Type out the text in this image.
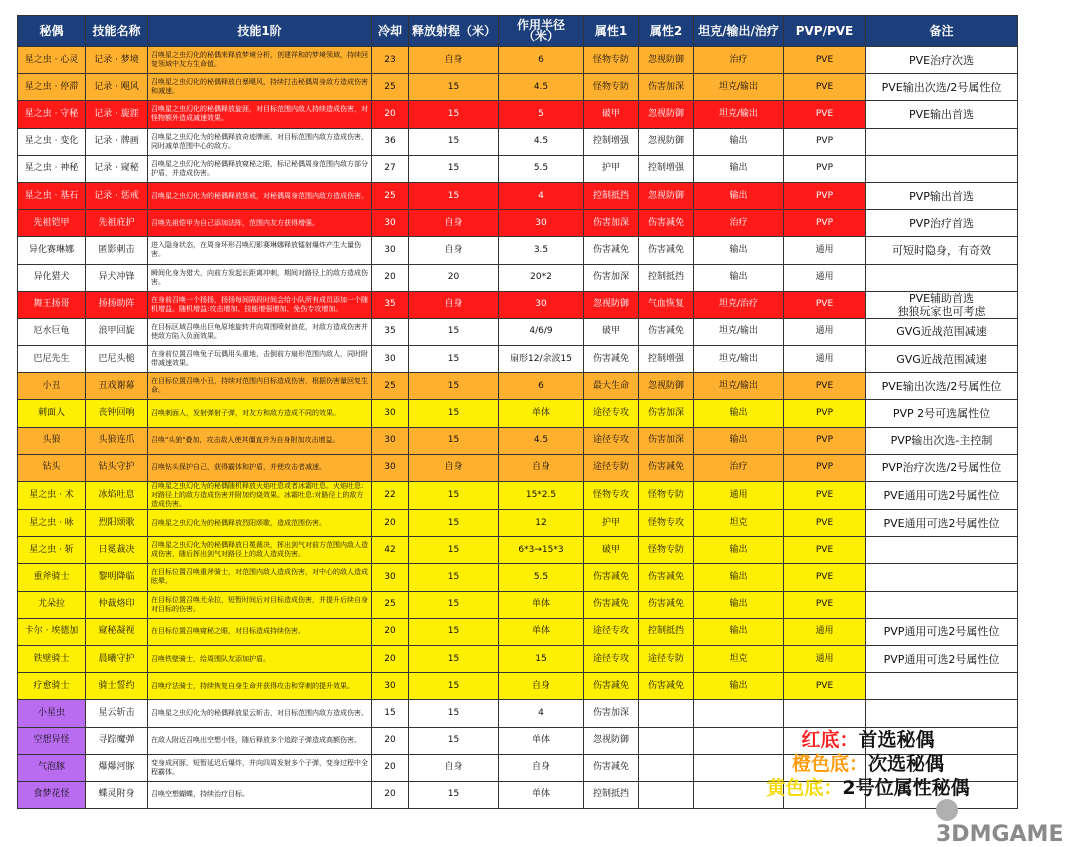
秘偶	技能名称	技能1阶	冷却	释放射程（米）	作用半径（米）	属性1	属性2	坦克/输出/治疗	PVP/PVE	备注
星之虫 · 心灵	记录 · 梦境	召唤星之虫幻化的秘偶来释放梦境分析，创建祥和的梦境领域，持续回复领域中友方生命值。	23	自身	6	怪物专防	忽视防御	治疗	PVE	PVE治疗次选
星之虫 · 停滞	记录 · 飓风	召唤星之虫幻化的秘偶释放白暴飓风，持续打击秘偶周身敌方造成伤害和减速。	25	15	4.5	怪物专防	伤害加深	坦克/输出	PVE	PVE输出次选/2号属性位
星之虫 · 守秘	记录 · 旋涯	召唤星之虫幻化的秘偶释放旋涯，对目标范围内敌人持续造成伤害，对怪物额外造成减速效果。	20	15	5	破甲	忽视防御	坦克/输出	PVE	PVE输出首选
星之虫 · 变化	记录 · 牌画	召唤星之虫幻化为的秘偶释放奇迹牌画，对目标范围内敌方造成伤害，同时减单范围中心的敌方。	36	15	4.5	控制增强	忽视防御	输出	PVP	
星之虫 · 神秘	记录 · 窥秘	召唤星之虫幻化为的秘偶释放窥秘之眼，标记秘偶周身范围内敌方部分护盾，并造成伤害。	27	15	5.5	护甲	控制增强	输出	PVP	
星之虫 · 基石	记录 · 惩戒	召唤星之虫幻化为的秘偶释放惩戒，对秘偶周身范围内敌方造成伤害。	25	15	4	控制抵挡	忽视防御	输出	PVP	PVP输出首选
先祖铠甲	先祖庇护	召唤先祖铠甲为自己添加法阵，范围内友方获得增强。	30	自身	30	伤害加深	伤害减免	治疗	PVP	PVP治疗首选
异化赛琳娜	匿影刺击	进入隐身状态，在周身环形召唤幻影赛琳娜释放镭射爆炸产生大量伤害。	30	自身	3.5	伤害减免	伤害减免	输出	通用	可短时隐身，有奇效
异化猎犬	异犬冲锋	瞬间化身为猎犬，向前方发起长距离冲刺，期间对路径上的敌方造成伤害。	20	20	20*2	伤害加深	控制抵挡	输出	通用	
舞王扬哥	扬扬助阵	在身前召唤一个扬扬，扬扬每间隔段时间会给小队所有成员添加一个随机增益。随机增益:攻击增加、技能增强增加、免伤专攻增加。	35	自身	30	忽视防御	气血恢复	坦克/治疗	PVE	PVE辅助首选
独狼玩家也可考虑
厄水巨龟	浪甲回旋	在目标区域召唤出巨龟原地旋转并向周围喷射浪花，对敌方造成伤害并使敌方陷入负面效果。	35	15	4/6/9	破甲	伤害减免	坦克/输出	通用	GVG近战范围减速
巴尼先生	巴尼头槌	在身前位置召唤兔子玩偶用头重地，击倒前方扇形范围内敌人，同时附带减速效果。	30	15	扇形12/余波15	伤害减免	控制增强	坦克/输出	通用	GVG近战范围减速
小丑	丑戏谢幕	在目标位置召唤小丑，持续对范围内目标造成伤害，根据伤害量回复生命。	25	15	6	最大生命	忽视防御	坦克/输出	PVE	PVE输出次选/2号属性位
刺面人	丧钟回响	召唤刺面人，发射弹射子弹，对友方和敌方造成不同的效果。	30	15	单体	途径专攻	伤害加深	输出	PVP	PVP 2号可选属性位
头狼	头狼连爪	召唤"头狼"叠加，攻击敌人使其僵直并为自身附加攻击增益。	30	15	4.5	途径专攻	伤害加深	输出	PVP	PVP输出次选-主控制
钻头	钻头守护	召唤钻头保护自己，获得霸体和护盾，并使攻击者减速。	30	自身	自身	途径专防	伤害减免	治疗	PVP	PVP治疗次选/2号属性位
星之虫 · 术	冰焰吐息	召唤星之虫幻化为的秘偶随机释放火焰吐息或者冰霜吐息。火焰吐息:对路径上的敌方造成伤害并附加灼烧效果。冰霜吐息:对路径上的敌方造成伤害。	22	15	15*2.5	怪物专攻	怪物专防	通用	PVE	PVE通用可选2号属性位
星之虫 · 咏	烈阳颂歌	召唤星之虫幻化为的秘偶释放烈阳颂歌，造成范围伤害。	20	15	12	护甲	怪物专攻	坦克	PVE	PVE通用可选2号属性位
星之虫 · 斩	日冕裁决	召唤星之虫幻化为的秘偶释放日冕裁决，挥出剑气对前方范围内敌人造成伤害，随后挥出剑气对路径上的敌人造成伤害。	42	15	6*3→15*3	破甲	怪物专防	输出	PVE	
重斧骑士	黎明降临	在目标位置召唤重斧骑士，对范围内敌人造成伤害，对中心的敌人造成眩晕。	30	15	5.5	伤害减免	伤害减免	输出	PVE	
尤朵拉	仲裁烙印	在目标位置召唤尤朵拉，短暂时间后对目标造成伤害，并提升后续自身对目标的伤害。	25	15	单体	伤害减免	伤害减免	输出	PVE	
卡尔 · 埃德加	窥秘凝视	在目标位置召唤窥秘之眼，对目标造成持续伤害。	20	15	单体	途径专攻	控制抵挡	输出	通用	PVP通用可选2号属性位
铁壁骑士	晨曦守护	召唤铁壁骑士，给周围队友添加护盾。	20	15	15	途径专攻	途径专防	坦克	通用	PVP通用可选2号属性位
疗愈骑士	骑士誓约	召唤疗法骑士，持续恢复自身生命并获得攻击和穿刺的提升效果。	30	15	自身	伤害减免	伤害减免	输出	PVE	
小星虫	星云斩击	召唤星之虫幻化为的秘偶释放星云斩击，对目标范围内敌方造成伤害。	15	15	4	伤害加深				
空想异怪	寻踪魔弹	在敌人附近召唤出空想小怪，随后释放多个追踪子弹造成高额伤害。	20	15	单体	忽视防御				
气泡豚	爆爆河豚	变身成河豚，短暂延迟后爆炸，并向四周发射多个子弹，变身过程中全程霸体。	20	自身	自身	伤害减免				
食梦花怪	蝶灵附身	召唤空想蝴蝶，持续治疗目标。	20	15	单体	控制抵挡				
红底：首选秘偶
橙色底：次选秘偶
黄色底：2号位属性秘偶
3DMGAME
